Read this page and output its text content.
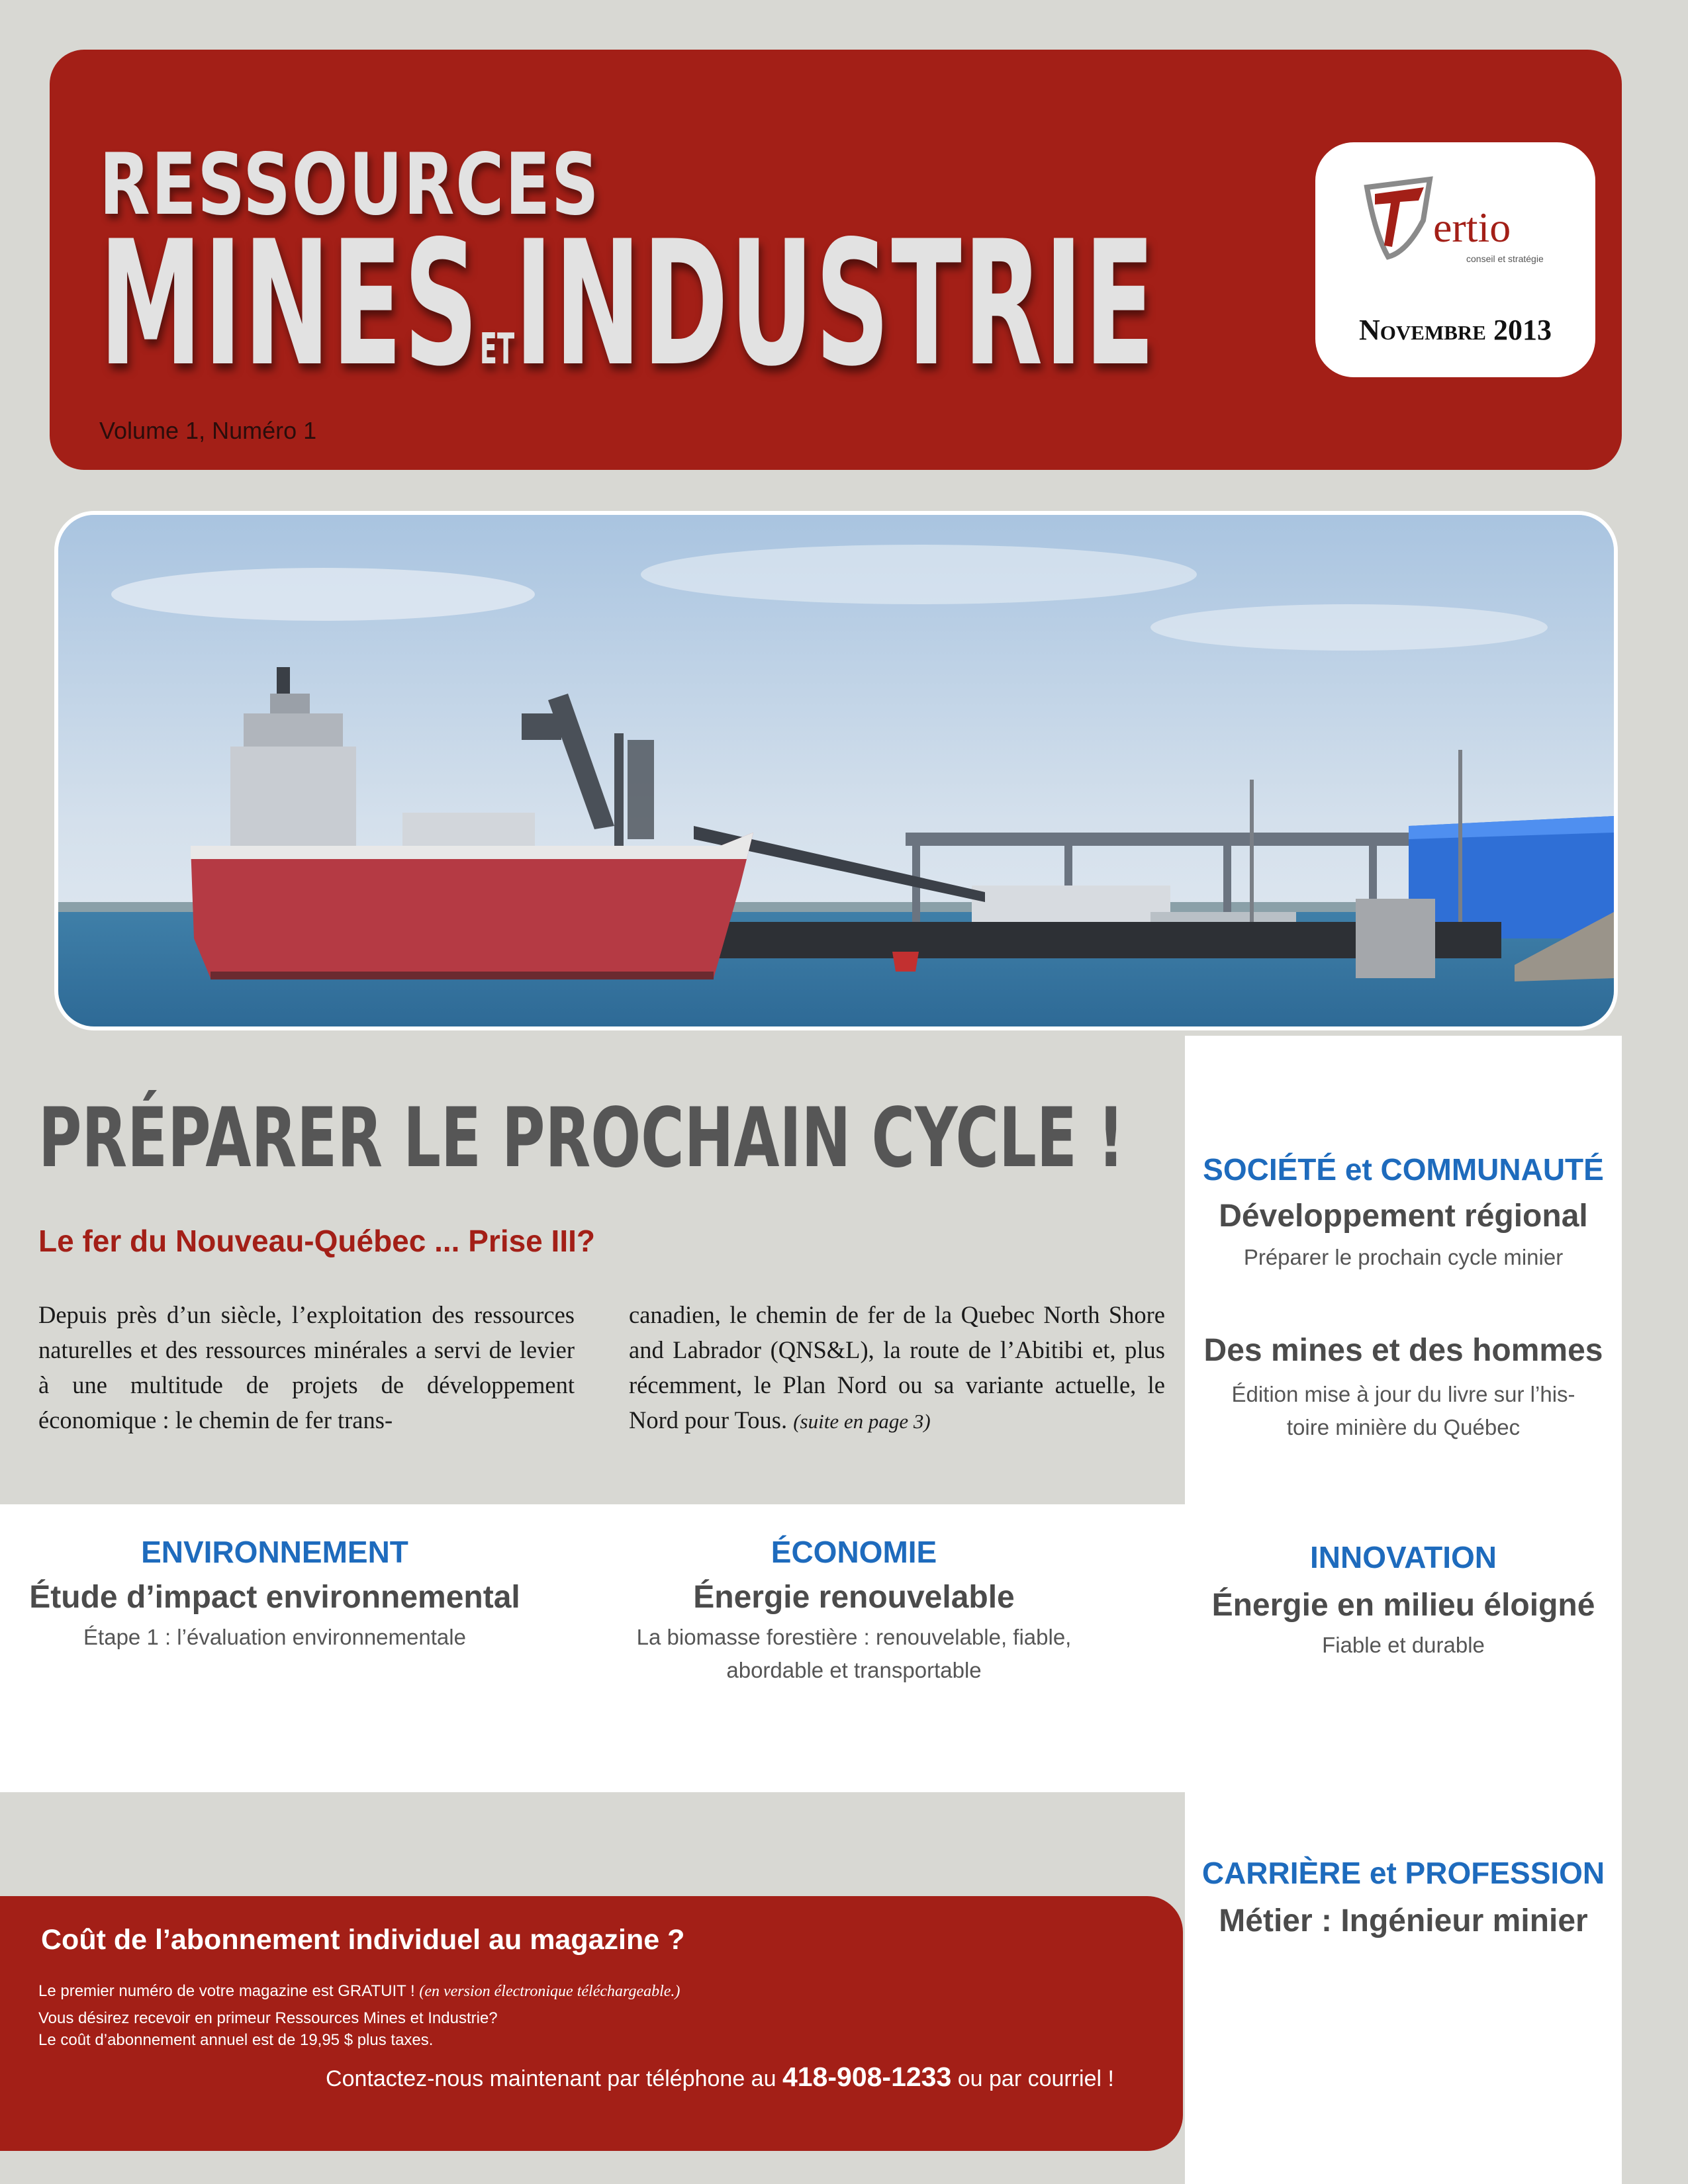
RESSOURCES
MINESETINDUSTRIE
Volume 1, Numéro 1
ertio
conseil et stratégie
Novembre 2013
PRÉPARER LE PROCHAIN CYCLE !
Le fer du Nouveau-Québec ... Prise III?
Depuis près d’un siècle, l’exploitation des ressources naturelles et des ressources minérales a servi de levier à une multitude de projets de développement économique : le chemin de fer trans-
canadien, le chemin de fer de la Quebec North Shore and Labrador (QNS&L), la route de l’Abitibi et, plus récemment, le Plan Nord ou sa variante actuelle, le Nord pour Tous. (suite en page 3)
SOCIÉTÉ et COMMUNAUTÉ
Développement régional
Préparer le prochain cycle minier
Des mines et des hommes
Édition mise à jour du livre sur l’his-
toire minière du Québec
ENVIRONNEMENT
Étude d’impact environnemental
Étape 1 : l’évaluation environnementale
ÉCONOMIE
Énergie renouvelable
La biomasse forestière : renouvelable, fiable,
abordable et transportable
INNOVATION
Énergie en milieu éloigné
Fiable et durable
CARRIÈRE et PROFESSION
Métier : Ingénieur minier
Coût de l’abonnement individuel au magazine ?
Le premier numéro de votre magazine est GRATUIT ! (en version électronique téléchargeable.)
Vous désirez recevoir en primeur Ressources Mines et Industrie?
Le coût d’abonnement annuel est de 19,95 $ plus taxes.
Contactez-nous maintenant par téléphone au 418-908-1233 ou par courriel !
